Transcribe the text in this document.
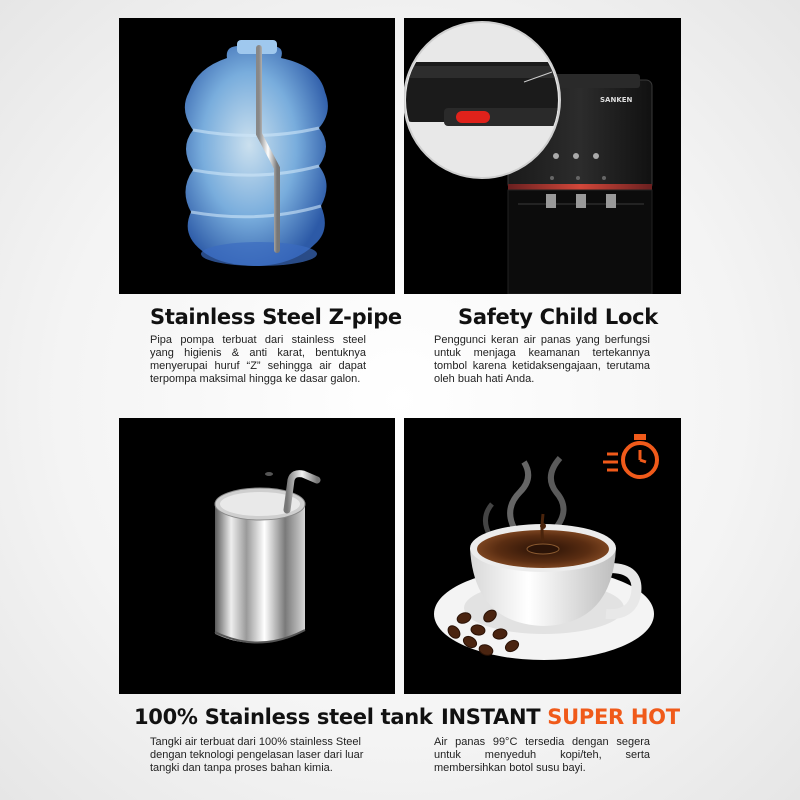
SANKEN
Stainless Steel Z-pipe	Safety Child Lock
100% Stainless steel tank INSTANT SUPER HOT
Pipa pompa terbuat dari stainless steel yang higienis & anti karat, bentuknya menyerupai huruf “Z” sehingga air dapat terpompa maksimal hingga ke dasar galon.
Penggunci keran air panas yang berfungsi untuk menjaga keamanan tertekannya tombol karena ketidaksengajaan, terutama oleh buah hati Anda.
Tangki air terbuat dari 100% stainless Steel dengan teknologi pengelasan laser dari luar tangki dan tanpa proses bahan kimia.
Air panas 99°C tersedia dengan segera untuk menyeduh kopi/teh, serta membersihkan botol susu bayi.
